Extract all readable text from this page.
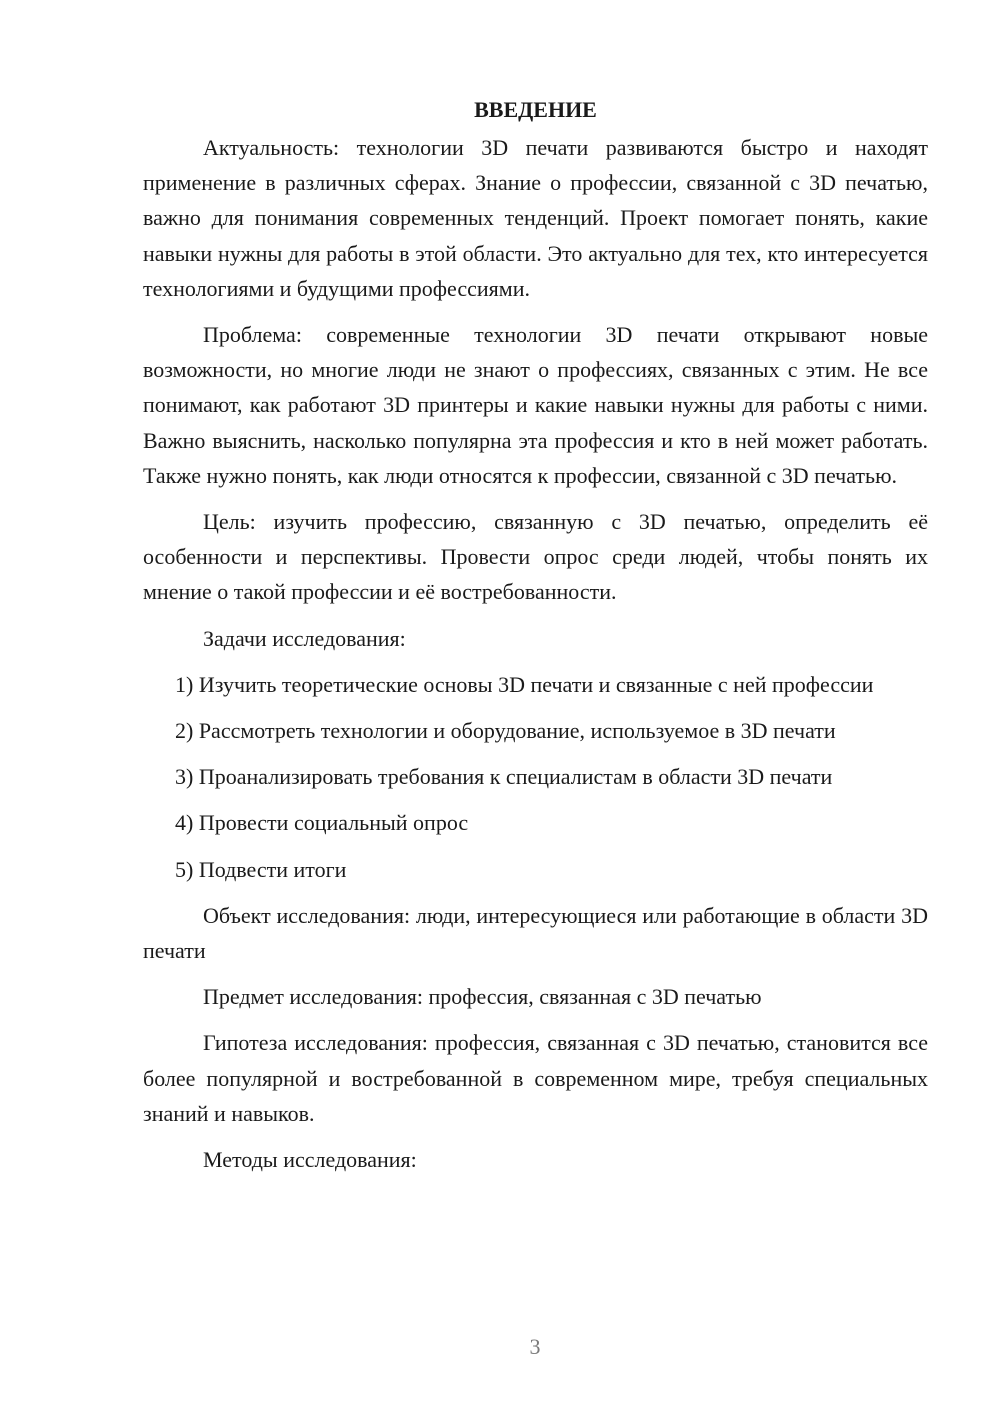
ВВЕДЕНИЕ

Актуальность: технологии 3D печати развиваются быстро и находят применение в различных сферах. Знание о профессии, связанной с 3D печатью, важно для понимания современных тенденций. Проект помогает понять, какие навыки нужны для работы в этой области. Это актуально для тех, кто интересуется технологиями и будущими профессиями.

Проблема: современные технологии 3D печати открывают новые возможности, но многие люди не знают о профессиях, связанных с этим. Не все понимают, как работают 3D принтеры и какие навыки нужны для работы с ними. Важно выяснить, насколько популярна эта профессия и кто в ней может работать. Также нужно понять, как люди относятся к профессии, связанной с 3D печатью.

Цель: изучить профессию, связанную с 3D печатью, определить её особенности и перспективы. Провести опрос среди людей, чтобы понять их мнение о такой профессии и её востребованности.

Задачи исследования:

1) Изучить теоретические основы 3D печати и связанные с ней профессии

2) Рассмотреть технологии и оборудование, используемое в 3D печати

3) Проанализировать требования к специалистам в области 3D печати

4) Провести социальный опрос

5) Подвести итоги

Объект исследования: люди, интересующиеся или работающие в области 3D печати

Предмет исследования: профессия, связанная с 3D печатью

Гипотеза исследования: профессия, связанная с 3D печатью, становится все более популярной и востребованной в современном мире, требуя специальных знаний и навыков.

Методы исследования:

3
